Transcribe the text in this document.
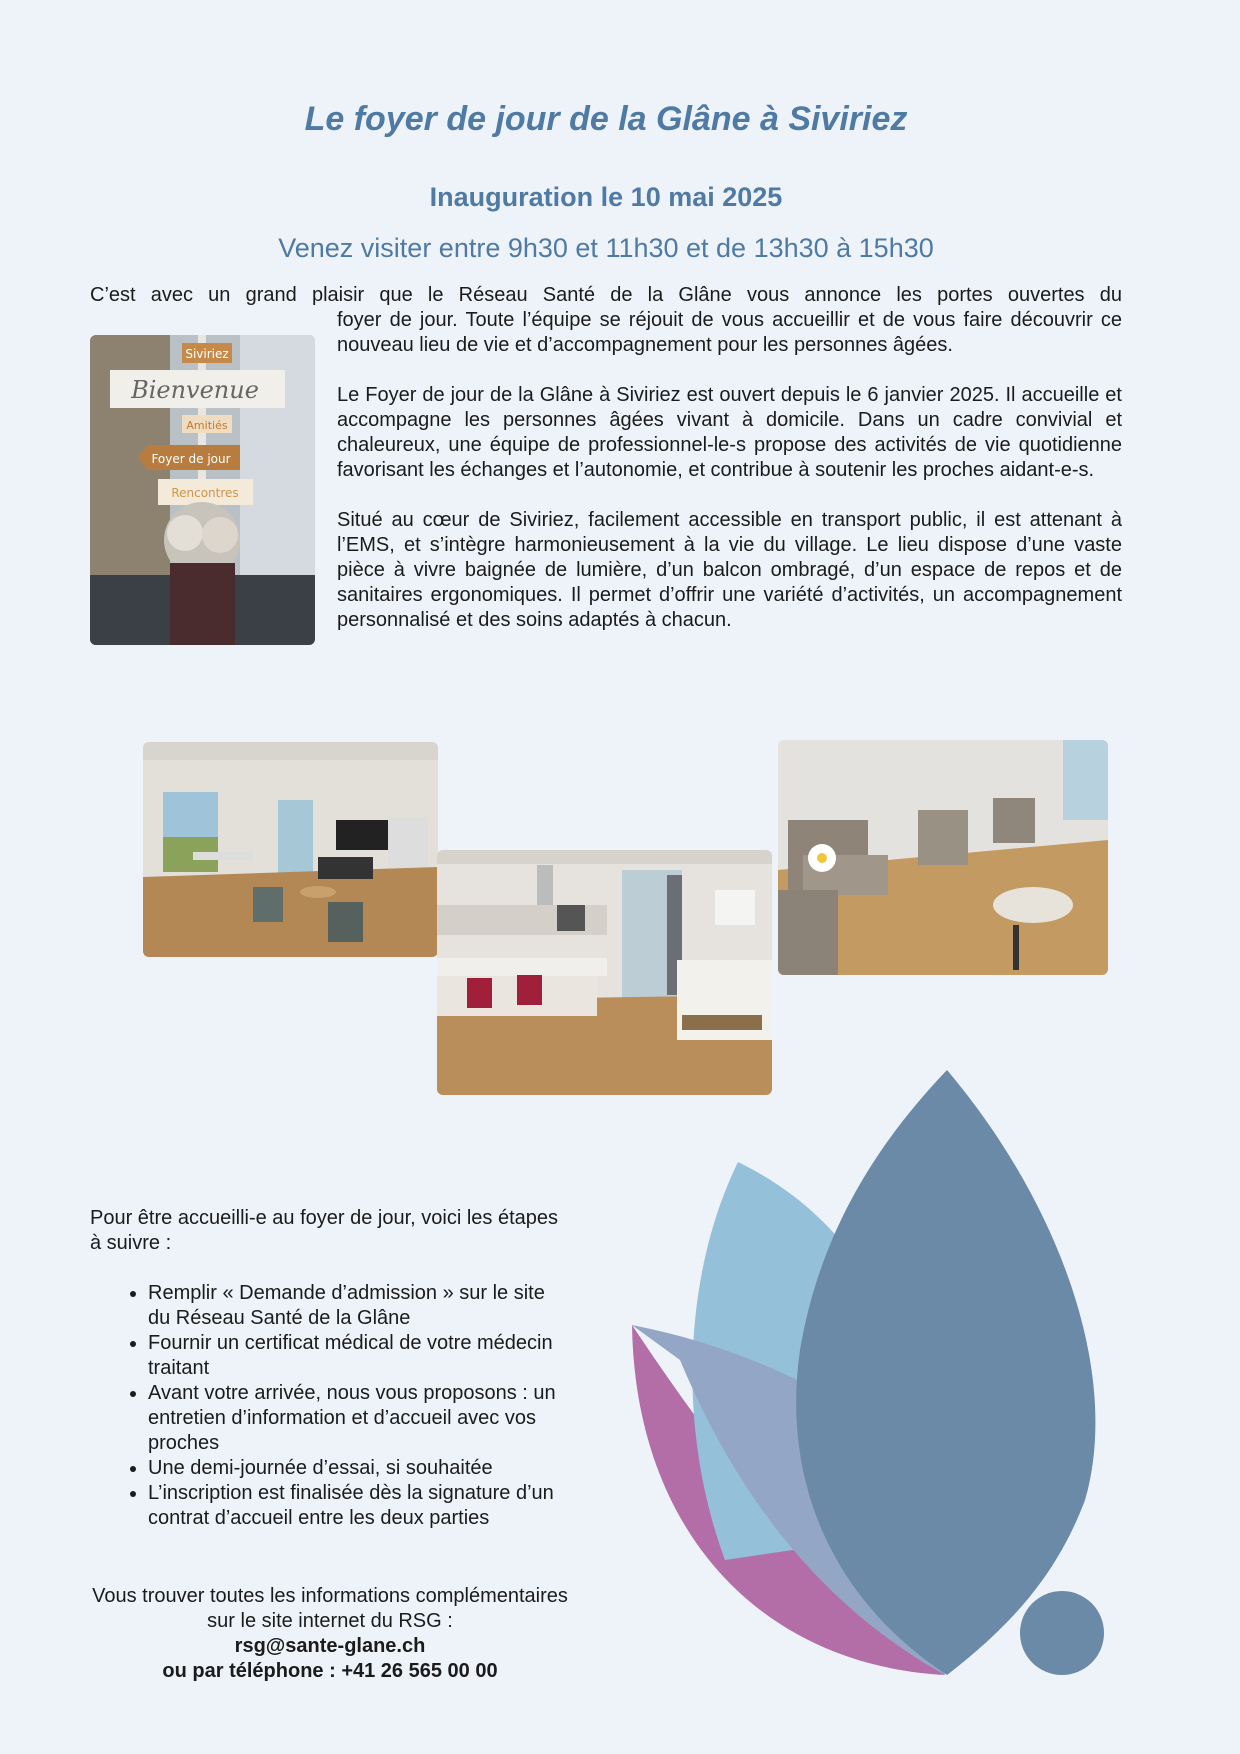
Le foyer de jour de la Glâne à Siviriez
Inauguration le 10 mai 2025
Venez visiter entre 9h30 et 11h30 et de 13h30 à 15h30
C’est avec un grand plaisir que le Réseau Santé de la Glâne vous annonce les portes ouvertes du

foyer de jour. Toute l’équipe se réjouit de vous accueillir et de vous faire découvrir ce nouveau lieu de vie et d’accompagnement pour les personnes âgées.

Le Foyer de jour de la Glâne à Siviriez est ouvert depuis le 6 janvier 2025. Il accueille et accompagne les personnes âgées vivant à domicile. Dans un cadre convivial et chaleureux, une équipe de professionnel-le-s propose des activités de vie quotidienne favorisant les échanges et l’autonomie, et contribue à soutenir les proches aidant-e-s.

Situé au cœur de Siviriez, facilement accessible en transport public, il est attenant à l’EMS, et s’intègre harmonieusement à la vie du village. Le lieu dispose d’une vaste pièce à vivre baignée de lumière, d’un balcon ombragé, d’un espace de repos et de sanitaires ergonomiques. Il permet d’offrir une variété d’activités, un accompagnement personnalisé et des soins adaptés à chacun.

Siviriez
Bienvenue
Amitiés
Foyer de jour
Rencontres

Pour être accueilli-e au foyer de jour, voici les étapes à suivre :

• Remplir « Demande d’admission » sur le site du Réseau Santé de la Glâne
• Fournir un certificat médical de votre médecin traitant
• Avant votre arrivée, nous vous proposons : un entretien d’information et d’accueil avec vos proches
• Une demi-journée d’essai, si souhaitée
• L’inscription est finalisée dès la signature d’un contrat d’accueil entre les deux parties
Vous trouver toutes les informations complémentaires sur le site internet du RSG :
rsg@sante-glane.ch
ou par téléphone : +41 26 565 00 00
